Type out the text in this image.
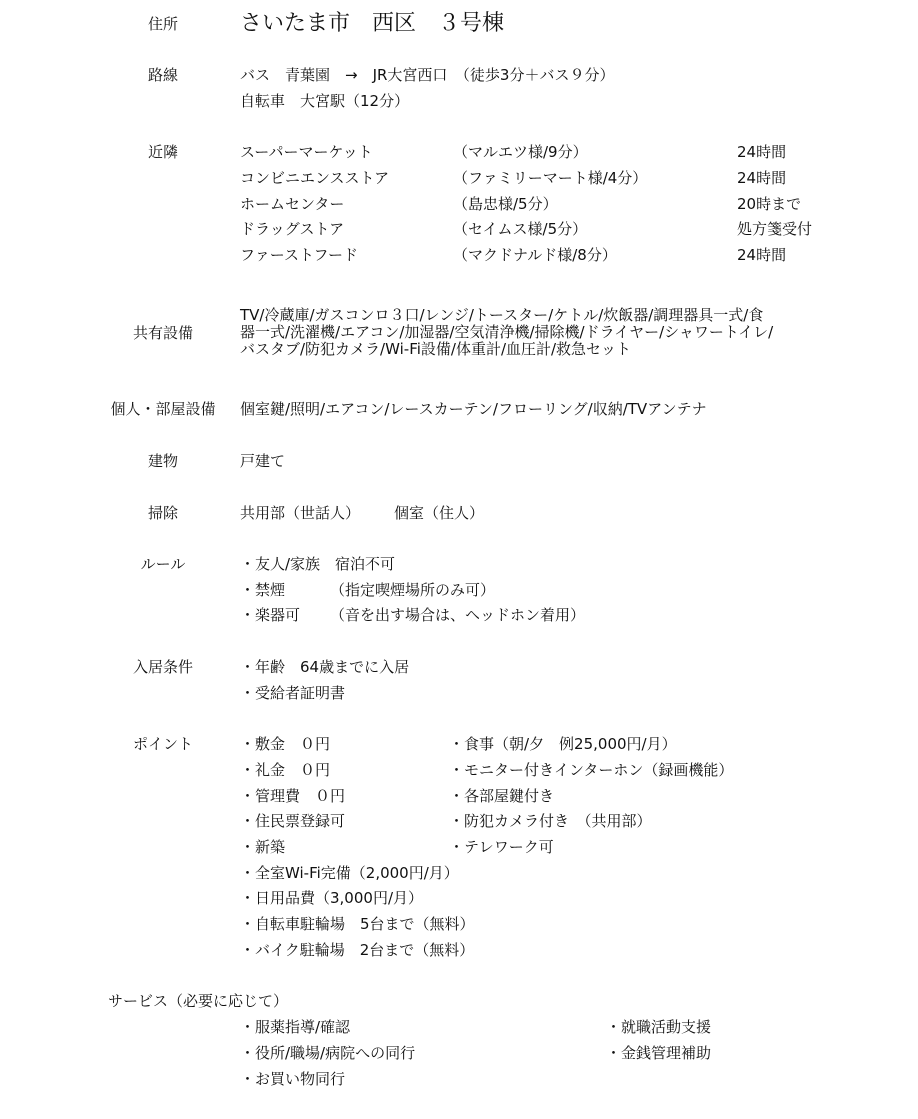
住所	さいたま市　西区　３号棟
路線	バス　青葉園　→　JR大宮西口　（徒歩3分＋バス９分）
自転車　大宮駅（12分）
近隣	スーパーマーケット	（マルエツ様/9分）	24時間
コンビニエンスストア	（ファミリーマート様/4分）	24時間
ホームセンター	（島忠様/5分）	20時まで
ドラッグストア	（セイムス様/5分）	処方箋受付
ファーストフード	（マクドナルド様/8分）	24時間
共有設備
TV/冷蔵庫/ガスコンロ３口/レンジ/トースター/ケトル/炊飯器/調理器具一式/食
器一式/洗濯機/エアコン/加湿器/空気清浄機/掃除機/ドライヤー/シャワートイレ/
バスタブ/防犯カメラ/Wi-Fi設備/体重計/血圧計/救急セット
個人・部屋設備 個室鍵/照明/エアコン/レースカーテン/フローリング/収納/TVアンテナ
建物	戸建て
掃除	共用部（世話人） 個室（住人）
ルール	・友人/家族　宿泊不可
・禁煙	（指定喫煙場所のみ可）
・楽器可 （音を出す場合は、ヘッドホン着用）
入居条件	・年齢　64歳までに入居
・受給者証明書
ポイント	・敷金　０円
・礼金　０円
・管理費　０円
・住民票登録可
・新築
・全室Wi-Fi完備（2,000円/月）
・日用品費（3,000円/月）
・自転車駐輪場　5台まで（無料）
・バイク駐輪場　2台まで（無料）
・食事（朝/夕　例25,000円/月）
・モニター付きインターホン（録画機能）
・各部屋鍵付き
・防犯カメラ付き　（共用部）
・テレワーク可
サービス（必要に応じて）
・服薬指導/確認
・役所/職場/病院への同行
・お買い物同行
・就職活動支援
・金銭管理補助
